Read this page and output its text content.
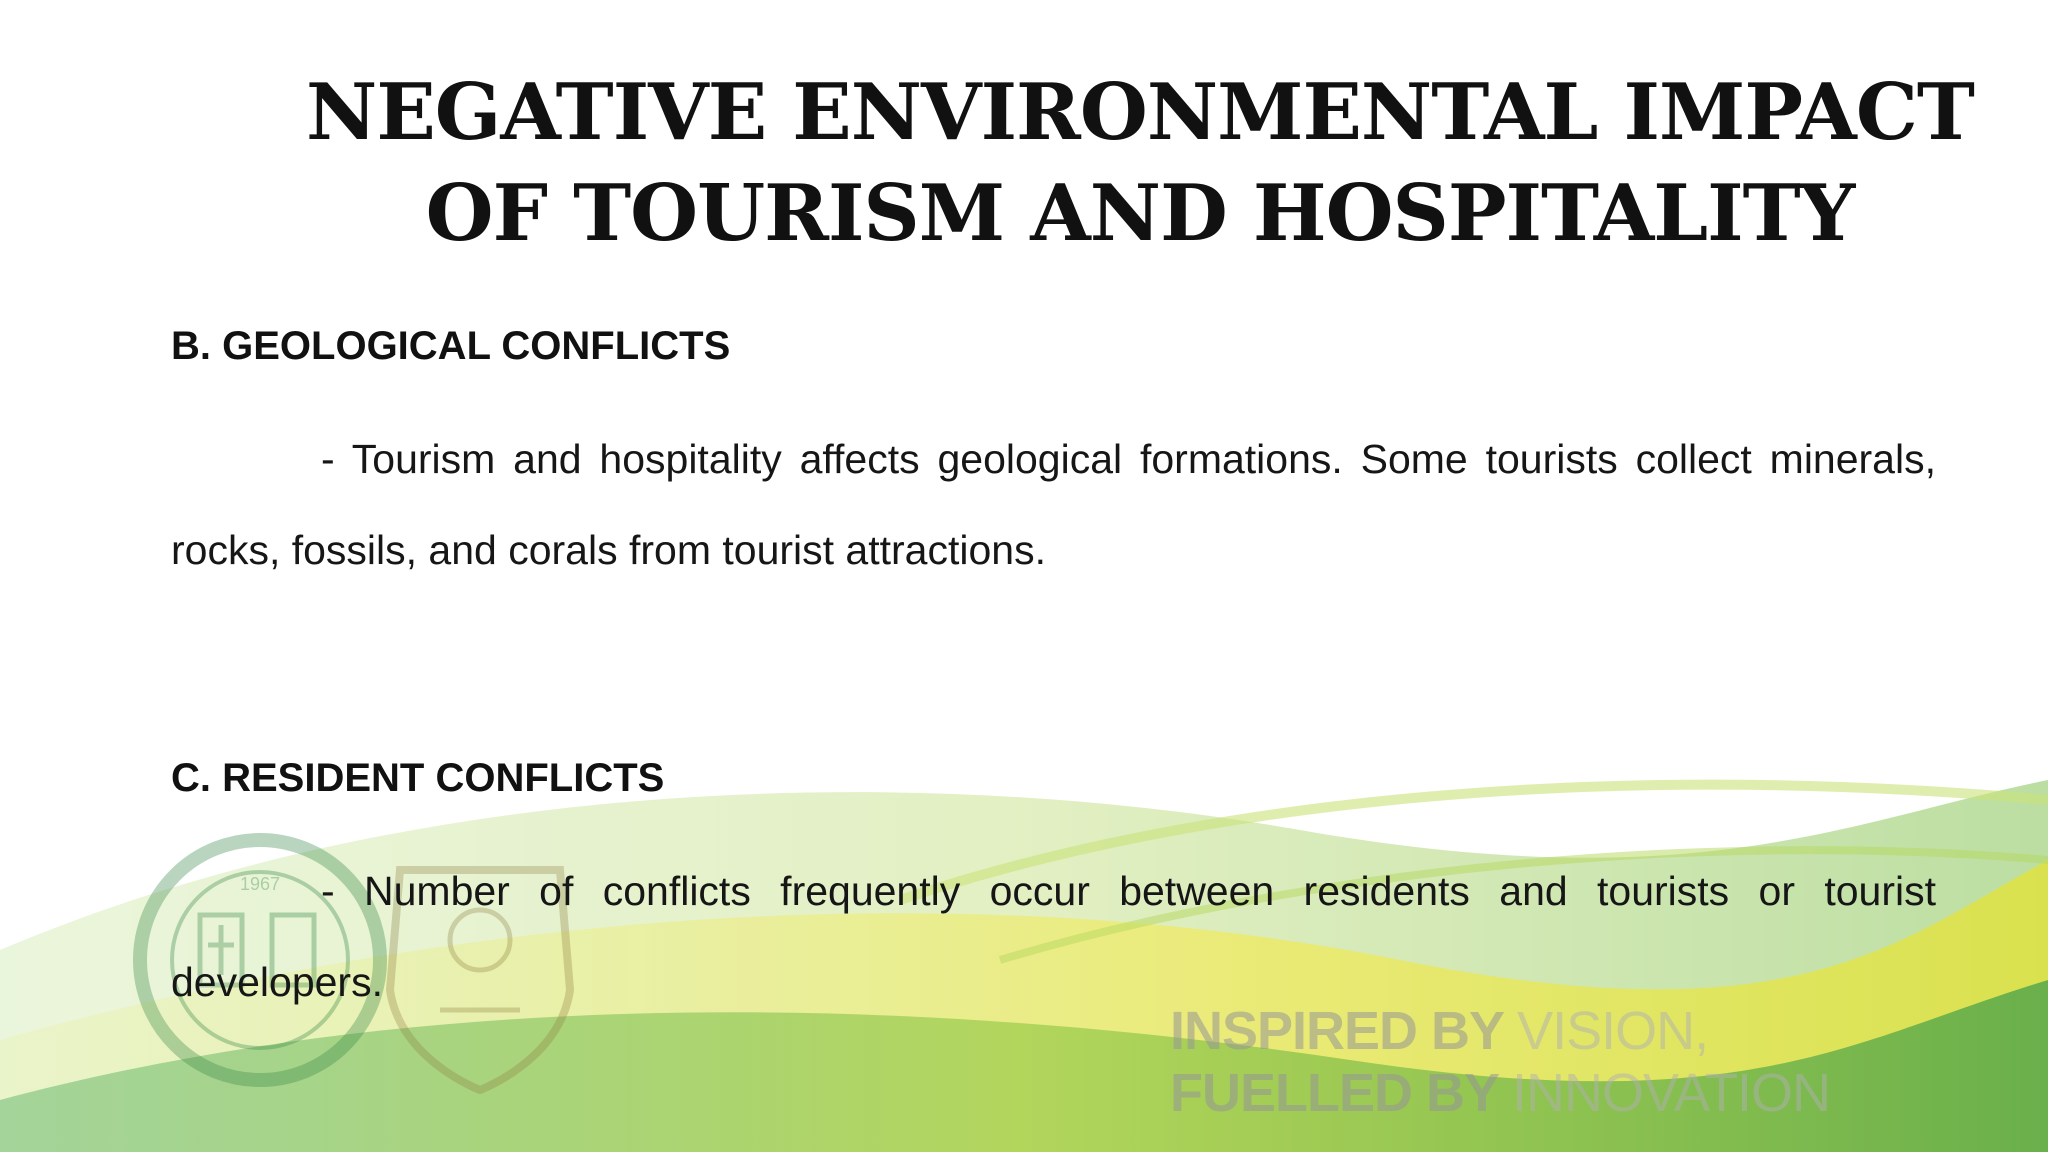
1967
NEGATIVE ENVIRONMENTAL IMPACT
OF TOURISM AND HOSPITALITY
B. GEOLOGICAL CONFLICTS

- Tourism and hospitality affects geological formations. Some tourists collect minerals, rocks, fossils, and corals from tourist attractions.

C. RESIDENT CONFLICTS

- Number of conflicts frequently occur between residents and tourists or tourist developers.

INSPIRED BY VISION,
FUELLED BY INNOVATION
